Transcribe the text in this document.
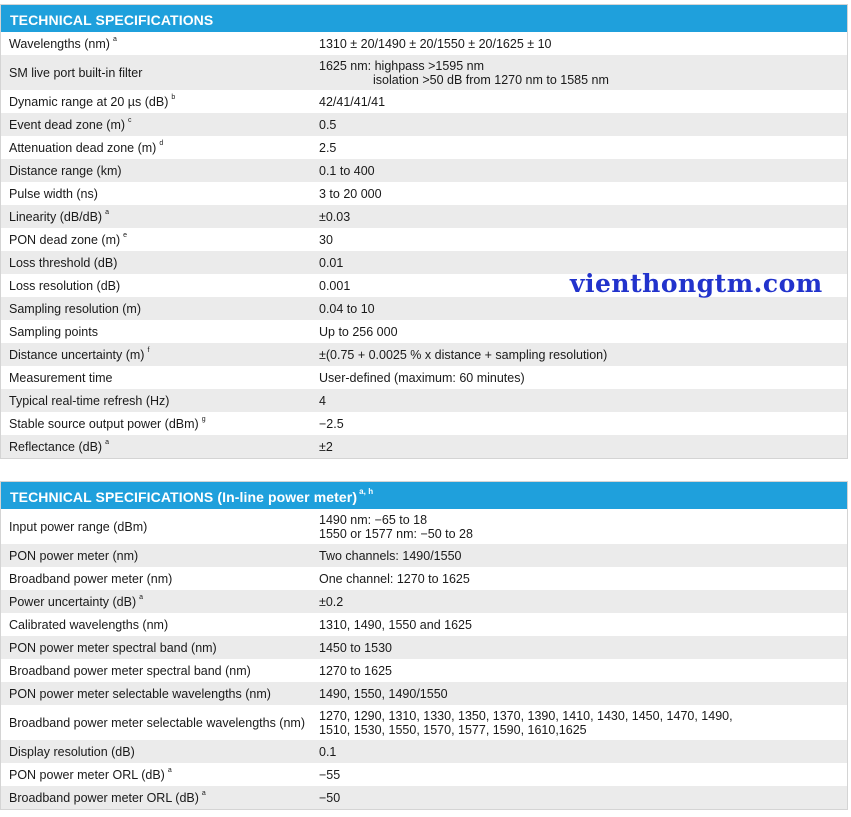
TECHNICAL SPECIFICATIONS
Wavelengths (nm) $^a$	1310 ± 20/1490 ± 20/1550 ± 20/1625 ± 10
SM live port built-in filter	1625 nm: highpass >1595 nm
isolation >50 dB from 1270 nm to 1585 nm
Dynamic range at 20 µs (dB) $^b$	42/41/41/41
Event dead zone (m) $^c$	0.5
Attenuation dead zone (m) $^d$	2.5
Distance range (km)	0.1 to 400
Pulse width (ns)	3 to 20 000
Linearity (dB/dB) $^a$	±0.03
PON dead zone (m) $^e$	30
Loss threshold (dB)	0.01
Loss resolution (dB)	0.001
Sampling resolution (m)	0.04 to 10
Sampling points	Up to 256 000
Distance uncertainty (m) $^f$	±(0.75 + 0.0025 % x distance + sampling resolution)
Measurement time	User-defined (maximum: 60 minutes)
Typical real-time refresh (Hz)	4
Stable source output power (dBm) $^g$	−2.5
Reflectance (dB) $^a$	±2
TECHNICAL SPECIFICATIONS (In-line power meter) $^{a, h}$
Input power range (dBm)	1490 nm: −65 to 18
1550 or 1577 nm: −50 to 28
PON power meter (nm)	Two channels: 1490/1550
Broadband power meter (nm)	One channel: 1270 to 1625
Power uncertainty (dB) $^a$	±0.2
Calibrated wavelengths (nm)	1310, 1490, 1550 and 1625
PON power meter spectral band (nm)	1450 to 1530
Broadband power meter spectral band (nm)	1270 to 1625
PON power meter selectable wavelengths (nm)	1490, 1550, 1490/1550
Broadband power meter selectable wavelengths (nm) 1270, 1290, 1310, 1330, 1350, 1370, 1390, 1410, 1430, 1450, 1470, 1490,
1510, 1530, 1550, 1570, 1577, 1590, 1610,1625
Display resolution (dB)	0.1
PON power meter ORL (dB) $^a$	−55
Broadband power meter ORL (dB) $^a$	−50
vienthongtm.com
